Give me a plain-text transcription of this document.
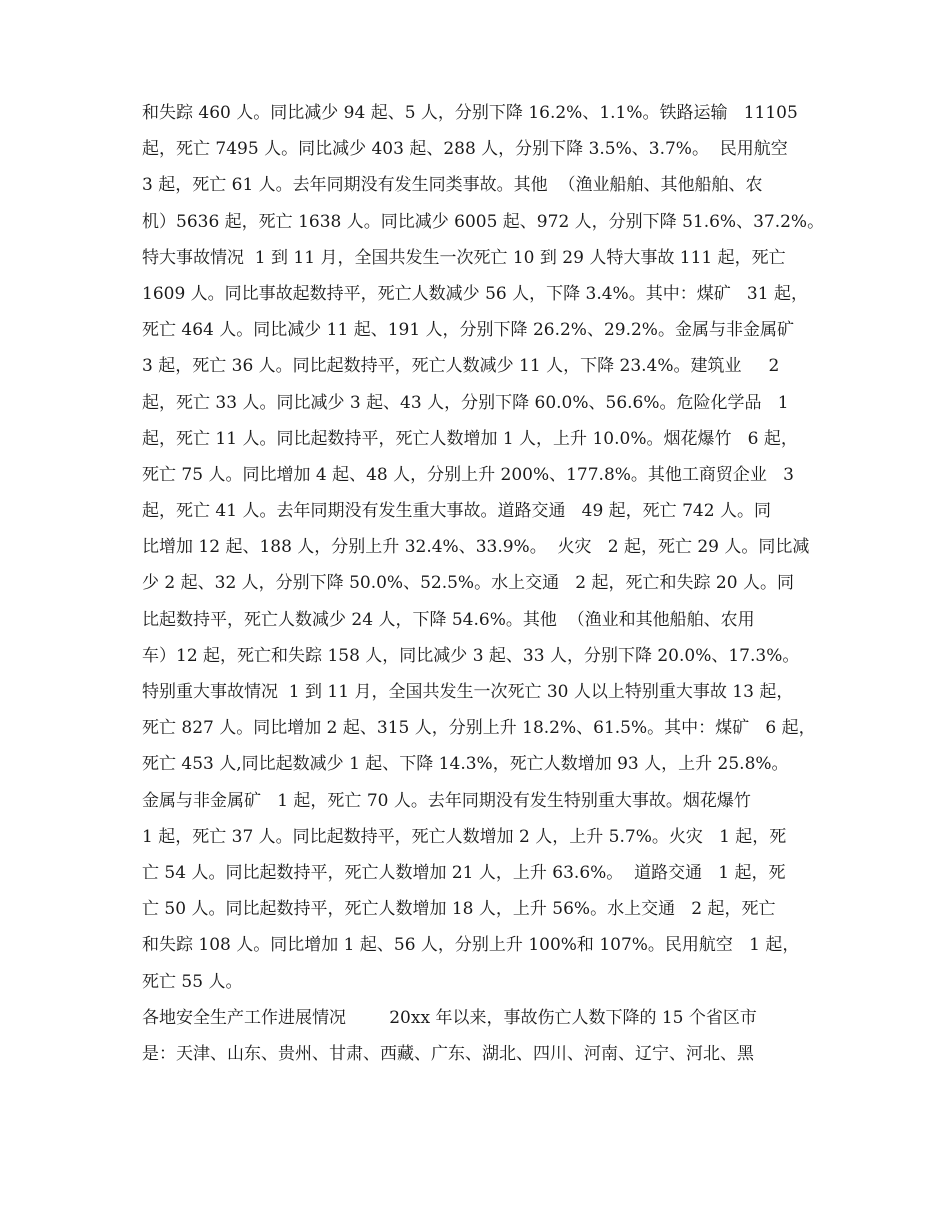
和失踪 460 人。同比减少 94 起、5 人，分别下降 16.2%、1.1%。铁路运输   11105
起，死亡 7495 人。同比减少 403 起、288 人，分别下降 3.5%、3.7%。  民用航空
3 起，死亡 61 人。去年同期没有发生同类事故。其他  （渔业船舶、其他船舶、农
机）5636 起，死亡 1638 人。同比减少 6005 起、972 人，分别下降 51.6%、37.2%。
特大事故情况  1 到 11 月，全国共发生一次死亡 10 到 29 人特大事故 111 起，死亡
1609 人。同比事故起数持平，死亡人数减少 56 人，下降 3.4%。其中：煤矿   31 起，
死亡 464 人。同比减少 11 起、191 人，分别下降 26.2%、29.2%。金属与非金属矿
3 起，死亡 36 人。同比起数持平，死亡人数减少 11 人，下降 23.4%。建筑业     2
起，死亡 33 人。同比减少 3 起、43 人，分别下降 60.0%、56.6%。危险化学品   1
起，死亡 11 人。同比起数持平，死亡人数增加 1 人，上升 10.0%。烟花爆竹   6 起，
死亡 75 人。同比增加 4 起、48 人，分别上升 200%、177.8%。其他工商贸企业   3
起，死亡 41 人。去年同期没有发生重大事故。道路交通   49 起，死亡 742 人。同
比增加 12 起、188 人，分别上升 32.4%、33.9%。  火灾   2 起，死亡 29 人。同比减
少 2 起、32 人，分别下降 50.0%、52.5%。水上交通   2 起，死亡和失踪 20 人。同
比起数持平，死亡人数减少 24 人，下降 54.6%。其他  （渔业和其他船舶、农用
车）12 起，死亡和失踪 158 人，同比减少 3 起、33 人，分别下降 20.0%、17.3%。
特别重大事故情况  1 到 11 月，全国共发生一次死亡 30 人以上特别重大事故 13 起，
死亡 827 人。同比增加 2 起、315 人，分别上升 18.2%、61.5%。其中：煤矿   6 起，
死亡 453 人,同比起数减少 1 起、下降 14.3%，死亡人数增加 93 人，上升 25.8%。
金属与非金属矿   1 起，死亡 70 人。去年同期没有发生特别重大事故。烟花爆竹
1 起，死亡 37 人。同比起数持平，死亡人数增加 2 人，上升 5.7%。火灾   1 起，死
亡 54 人。同比起数持平，死亡人数增加 21 人，上升 63.6%。  道路交通   1 起，死
亡 50 人。同比起数持平，死亡人数增加 18 人，上升 56%。水上交通   2 起，死亡
和失踪 108 人。同比增加 1 起、56 人，分别上升 100%和 107%。民用航空   1 起，
死亡 55 人。
各地安全生产工作进展情况        20xx 年以来，事故伤亡人数下降的 15 个省区市
是：天津、山东、贵州、甘肃、西藏、广东、湖北、四川、河南、辽宁、河北、黑
